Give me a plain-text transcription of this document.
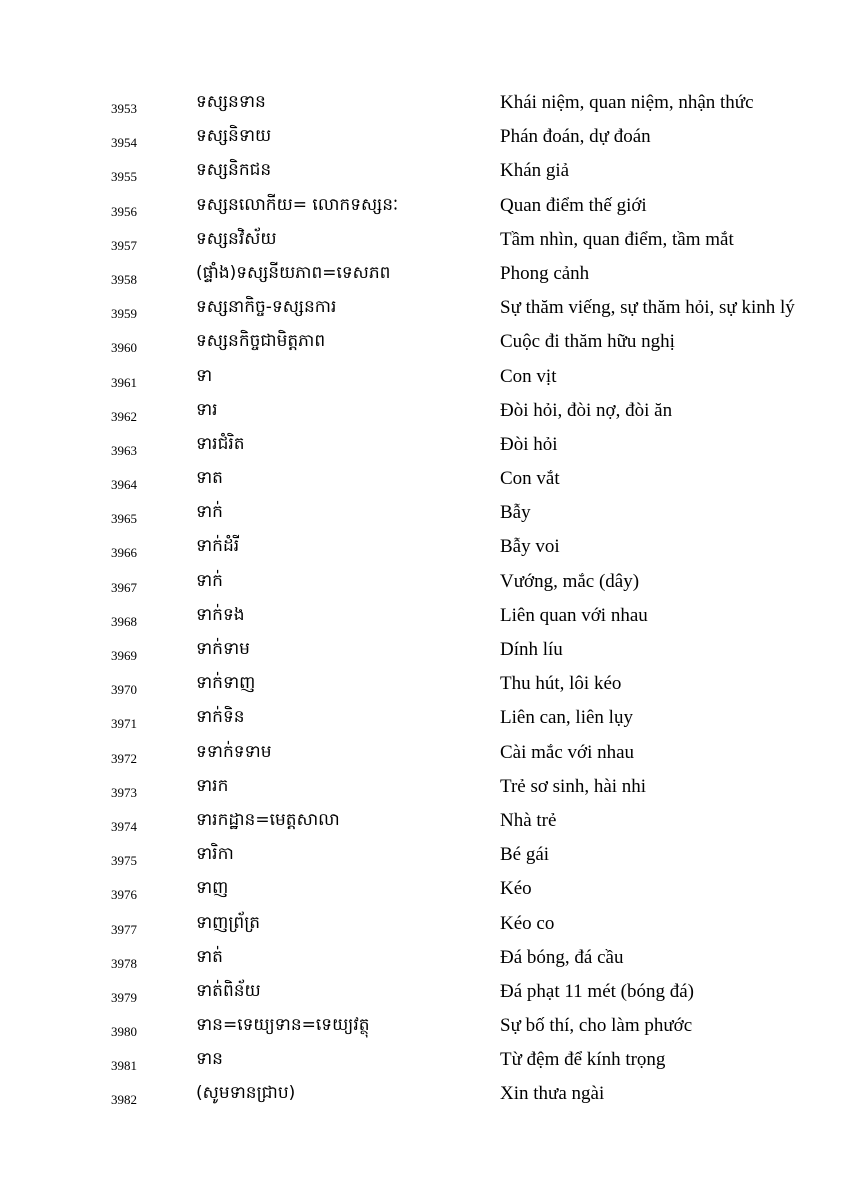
3953	ទស្សនទាន	Khái niệm, quan niệm, nhận thức
3954	ទស្សនិទាយ	Phán đoán, dự đoán
3955	ទស្សនិកជន	Khán giả
3956	ទស្សនលោកីយ= លោកទស្សនៈ	Quan điểm thế giới
3957	ទស្សនវិស័យ	Tầm nhìn, quan điểm, tầm mắt
3958	(ផ្ទាំង)ទស្សនីយភាព=ទេសភព	Phong cảnh
3959	ទស្សនាកិច្ច-ទស្សនការ	Sự thăm viếng, sự thăm hỏi, sự kinh lý
3960	ទស្សនកិច្ចជាមិត្តភាព	Cuộc đi thăm hữu nghị
3961	ទា	Con vịt
3962	ទារ	Đòi hỏi, đòi nợ, đòi ăn
3963	ទារជំរិត	Đòi hỏi
3964	ទាត	Con vắt
3965	ទាក់	Bẫy
3966	ទាក់ដំរី	Bẫy voi
3967	ទាក់	Vướng, mắc (dây)
3968	ទាក់ទង	Liên quan với nhau
3969	ទាក់ទាម	Dính líu
3970	ទាក់ទាញ	Thu hút, lôi kéo
3971	ទាក់ទិន	Liên can, liên lụy
3972	ទទាក់ទទាម	Cài mắc với nhau
3973	ទារក	Trẻ sơ sinh, hài nhi
3974	ទារកដ្ឋាន=មេត្តសាលា	Nhà trẻ
3975	ទារិកា	Bé gái
3976	ទាញ	Kéo
3977	ទាញព្រ័ត្រ	Kéo co
3978	ទាត់	Đá bóng, đá cầu
3979	ទាត់ពិន័យ	Đá phạt 11 mét (bóng đá)
3980	ទាន=ទេយ្យទាន=ទេយ្យវត្ថុ	Sự bố thí, cho làm phước
3981	ទាន	Từ đệm để kính trọng
3982	(សូមទានជ្រាប)	Xin thưa ngài
